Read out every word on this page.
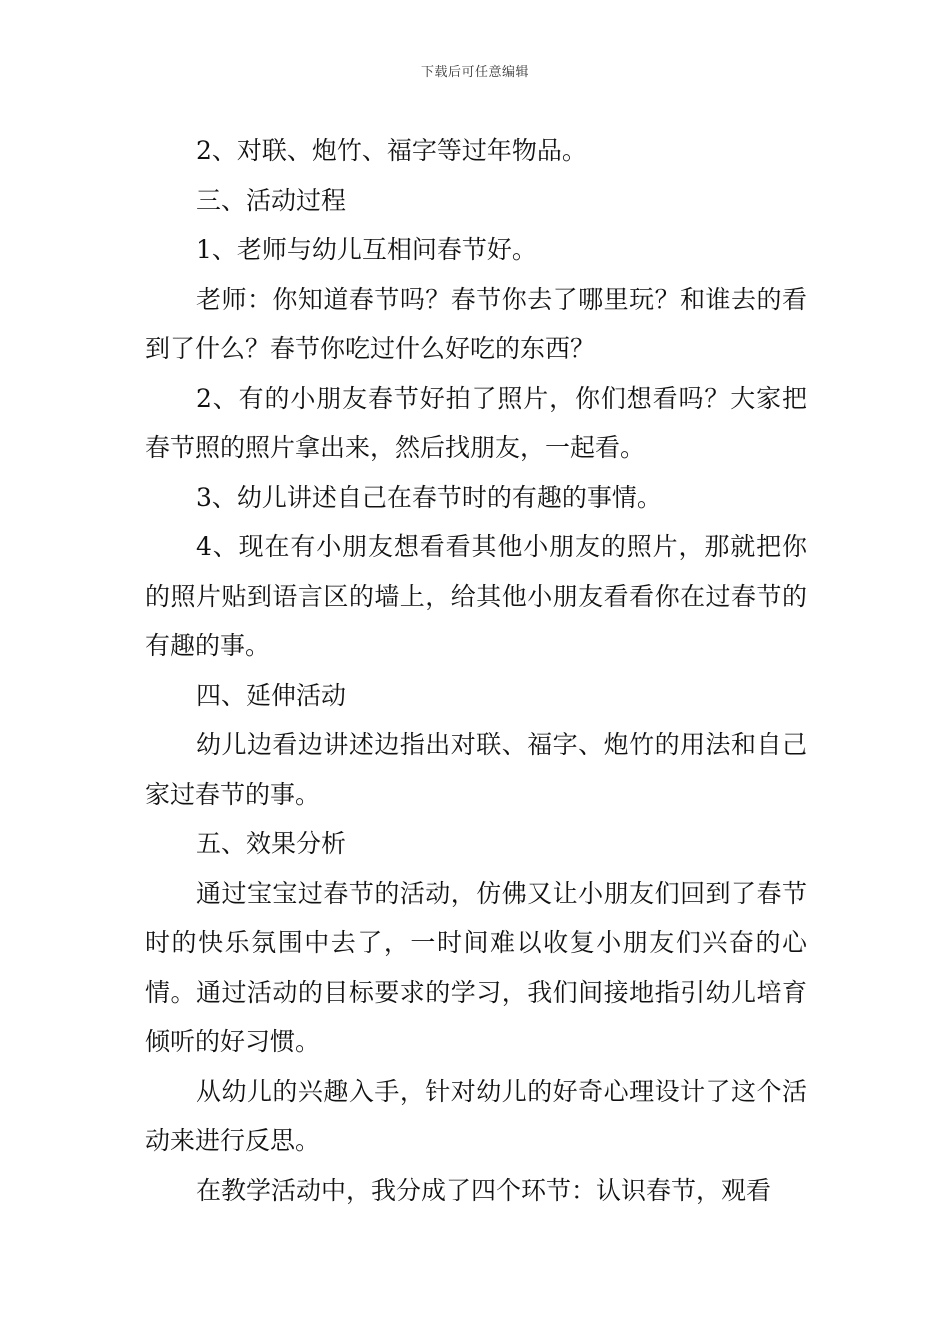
下载后可任意编辑

2、对联、炮竹、福字等过年物品。

三、活动过程

1、老师与幼儿互相问春节好。

老师：你知道春节吗？春节你去了哪里玩？和谁去的看到了什么？春节你吃过什么好吃的东西？

2、有的小朋友春节好拍了照片，你们想看吗？大家把春节照的照片拿出来，然后找朋友，一起看。

3、幼儿讲述自己在春节时的有趣的事情。

4、现在有小朋友想看看其他小朋友的照片，那就把你的照片贴到语言区的墙上，给其他小朋友看看你在过春节的有趣的事。

四、延伸活动

幼儿边看边讲述边指出对联、福字、炮竹的用法和自己家过春节的事。

五、效果分析

通过宝宝过春节的活动，仿佛又让小朋友们回到了春节时的快乐氛围中去了，一时间难以收复小朋友们兴奋的心情。通过活动的目标要求的学习，我们间接地指引幼儿培育倾听的好习惯。

从幼儿的兴趣入手，针对幼儿的好奇心理设计了这个活动来进行反思。

在教学活动中，我分成了四个环节：认识春节，观看
